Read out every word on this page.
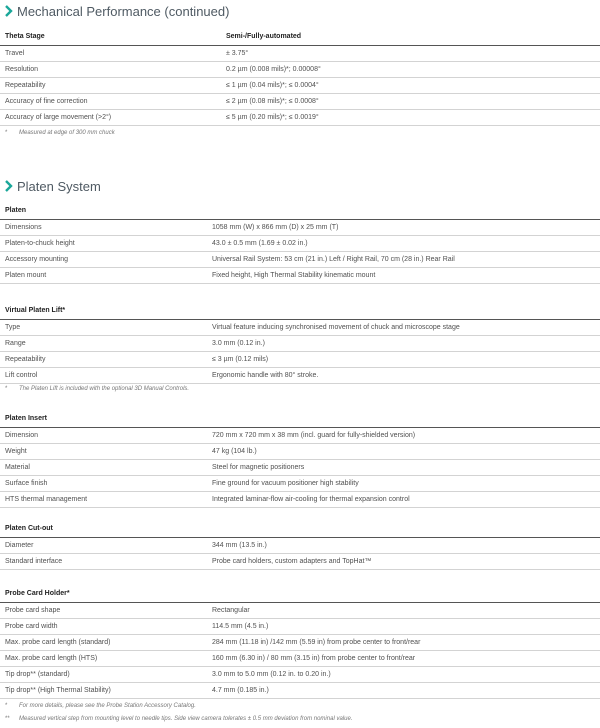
Mechanical Performance (continued)
Theta Stage	Semi-/Fully-automated
Travel	± 3.75°
Resolution	0.2 µm (0.008 mils)*; 0.00008°
Repeatability	≤ 1 µm (0.04 mils)*; ≤ 0.0004°
Accuracy of fine correction	≤ 2 µm (0.08 mils)*; ≤ 0.0008°
Accuracy of large movement (>2°)	≤ 5 µm (0.20 mils)*; ≤ 0.0019°
* Measured at edge of 300 mm chuck
Platen System
Platen
Dimensions	1058 mm (W) x 866 mm (D) x 25 mm (T)
Platen-to-chuck height	43.0 ± 0.5 mm (1.69 ± 0.02 in.)
Accessory mounting	Universal Rail System: 53 cm (21 in.) Left / Right Rail, 70 cm (28 in.) Rear Rail
Platen mount	Fixed height, High Thermal Stability kinematic mount
Virtual Platen Lift*
Type	Virtual feature inducing synchronised movement of chuck and microscope stage
Range	3.0 mm (0.12 in.)
Repeatability	≤ 3 µm (0.12 mils)
Lift control	Ergonomic handle with 80° stroke.
* The Platen Lift is included with the optional 3D Manual Controls.
Platen Insert
Dimension	720 mm x 720 mm x 38 mm (incl. guard for fully-shielded version)
Weight	47 kg (104 lb.)
Material	Steel for magnetic positioners
Surface finish	Fine ground for vacuum positioner high stability
HTS thermal management	Integrated laminar-flow air-cooling for thermal expansion control
Platen Cut-out
Diameter	344 mm (13.5 in.)
Standard interface	Probe card holders, custom adapters and TopHat™
Probe Card Holder*
Probe card shape	Rectangular
Probe card width	114.5 mm (4.5 in.)
Max. probe card length (standard)	284 mm (11.18 in) /142 mm (5.59 in) from probe center to front/rear
Max. probe card length (HTS)	160 mm (6.30 in) / 80 mm (3.15 in) from probe center to front/rear
Tip drop** (standard)	3.0 mm to 5.0 mm (0.12 in. to 0.20 in.)
Tip drop** (High Thermal Stability)	4.7 mm (0.185 in.)
* For more details, please see the Probe Station Accessory Catalog.
** Measured vertical step from mounting level to needle tips. Side view camera tolerates ± 0.5 mm deviation from nominal value.
